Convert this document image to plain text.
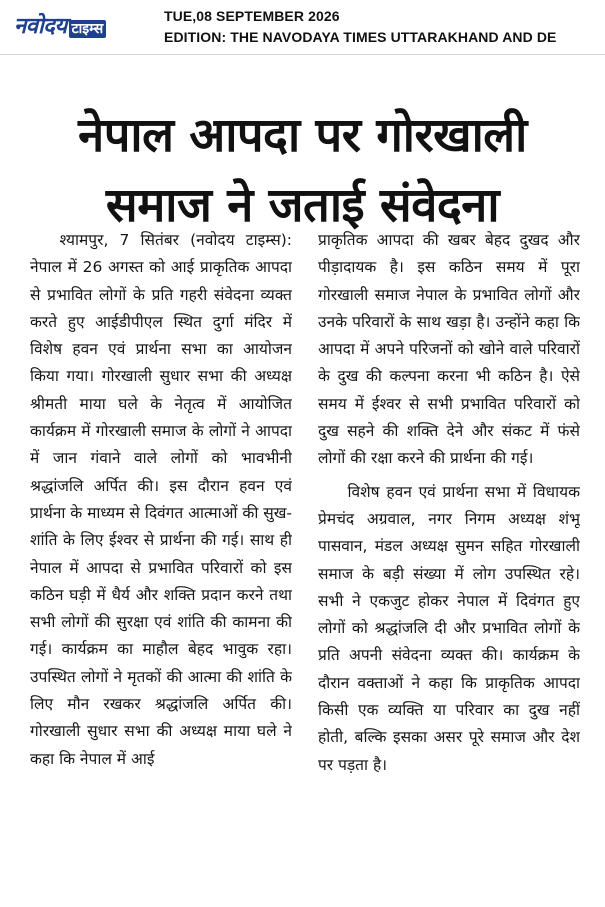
नवोदय टाइम्स
TUE,08 SEPTEMBER 2026
EDITION: THE NAVODAYA TIMES UTTARAKHAND AND DE
नेपाल आपदा पर गोरखाली
समाज ने जताई संवेदना

श्यामपुर, 7 सितंबर (नवोदय टाइम्स): नेपाल में 26 अगस्त को आई प्राकृतिक आपदा से प्रभावित लोगों के प्रति गहरी संवेदना व्यक्त करते हुए आईडीपीएल स्थित दुर्गा मंदिर में विशेष हवन एवं प्रार्थना सभा का आयोजन किया गया। गोरखाली सुधार सभा की अध्यक्ष श्रीमती माया घले के नेतृत्व में आयोजित कार्यक्रम में गोरखाली समाज के लोगों ने आपदा में जान गंवाने वाले लोगों को भावभीनी श्रद्धांजलि अर्पित की। इस दौरान हवन एवं प्रार्थना के माध्यम से दिवंगत आत्माओं की सुख-शांति के लिए ईश्वर से प्रार्थना की गई। साथ ही नेपाल में आपदा से प्रभावित परिवारों को इस कठिन घड़ी में धैर्य और शक्ति प्रदान करने तथा सभी लोगों की सुरक्षा एवं शांति की कामना की गई। कार्यक्रम का माहौल बेहद भावुक रहा। उपस्थित लोगों ने मृतकों की आत्मा की शांति के लिए मौन रखकर श्रद्धांजलि अर्पित की। गोरखाली सुधार सभा की अध्यक्ष माया घले ने कहा कि नेपाल में आई

प्राकृतिक आपदा की खबर बेहद दुखद और पीड़ादायक है। इस कठिन समय में पूरा गोरखाली समाज नेपाल के प्रभावित लोगों और उनके परिवारों के साथ खड़ा है। उन्होंने कहा कि आपदा में अपने परिजनों को खोने वाले परिवारों के दुख की कल्पना करना भी कठिन है। ऐसे समय में ईश्वर से सभी प्रभावित परिवारों को दुख सहने की शक्ति देने और संकट में फंसे लोगों की रक्षा करने की प्रार्थना की गई।

विशेष हवन एवं प्रार्थना सभा में विधायक प्रेमचंद अग्रवाल, नगर निगम अध्यक्ष शंभू पासवान, मंडल अध्यक्ष सुमन सहित गोरखाली समाज के बड़ी संख्या में लोग उपस्थित रहे। सभी ने एकजुट होकर नेपाल में दिवंगत हुए लोगों को श्रद्धांजलि दी और प्रभावित लोगों के प्रति अपनी संवेदना व्यक्त की। कार्यक्रम के दौरान वक्ताओं ने कहा कि प्राकृतिक आपदा किसी एक व्यक्ति या परिवार का दुख नहीं होती, बल्कि इसका असर पूरे समाज और देश पर पड़ता है।
